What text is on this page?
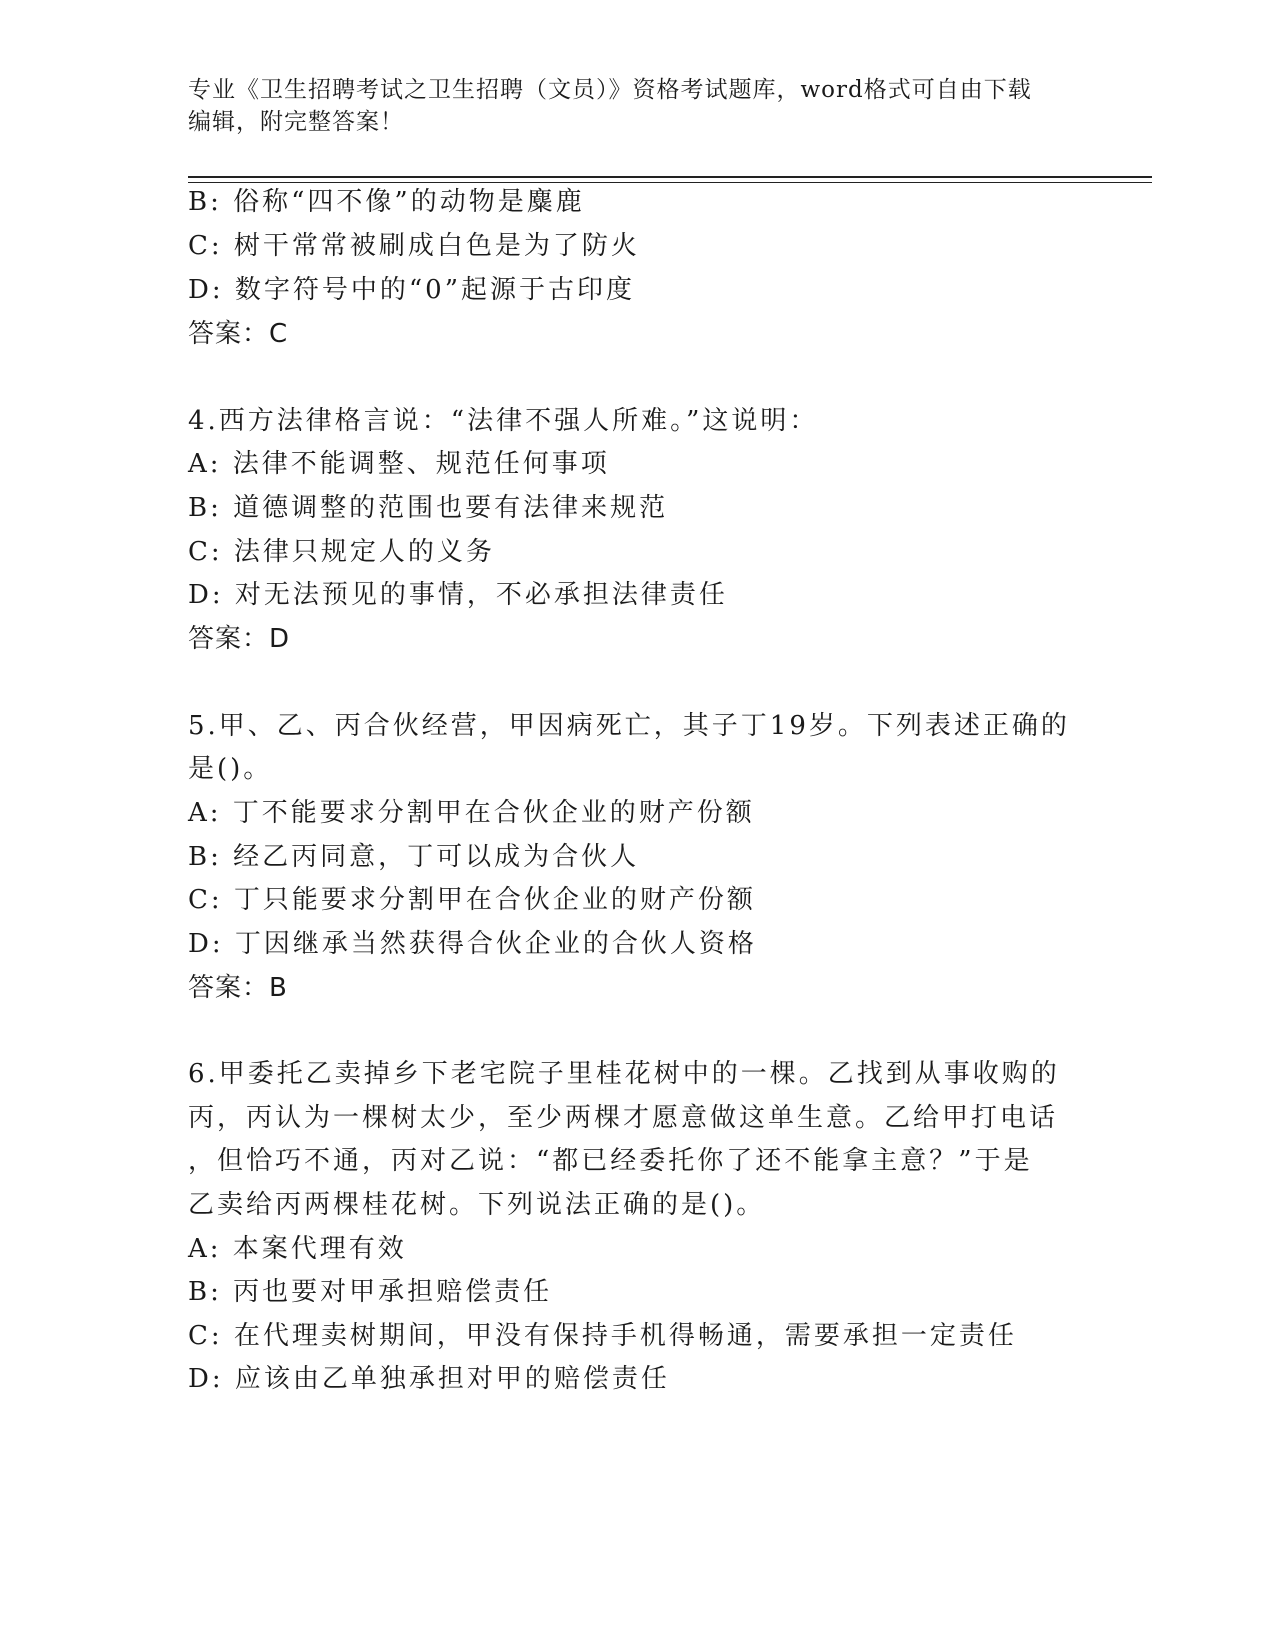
专业《卫生招聘考试之卫生招聘（文员）》资格考试题库，word格式可自由下载
编辑，附完整答案！
B: 俗称“四不像”的动物是麋鹿
C: 树干常常被刷成白色是为了防火
D: 数字符号中的“0”起源于古印度
答案：C
4.西方法律格言说：“法律不强人所难。”这说明：
A: 法律不能调整、规范任何事项
B: 道德调整的范围也要有法律来规范
C: 法律只规定人的义务
D: 对无法预见的事情，不必承担法律责任
答案：D
5.甲、乙、丙合伙经营，甲因病死亡，其子丁19岁。下列表述正确的
是()。
A: 丁不能要求分割甲在合伙企业的财产份额
B: 经乙丙同意，丁可以成为合伙人
C: 丁只能要求分割甲在合伙企业的财产份额
D: 丁因继承当然获得合伙企业的合伙人资格
答案：B
6.甲委托乙卖掉乡下老宅院子里桂花树中的一棵。乙找到从事收购的
丙，丙认为一棵树太少，至少两棵才愿意做这单生意。乙给甲打电话
，但恰巧不通，丙对乙说：“都已经委托你了还不能拿主意？”于是
乙卖给丙两棵桂花树。下列说法正确的是()。
A: 本案代理有效
B: 丙也要对甲承担赔偿责任
C: 在代理卖树期间，甲没有保持手机得畅通，需要承担一定责任
D: 应该由乙单独承担对甲的赔偿责任
